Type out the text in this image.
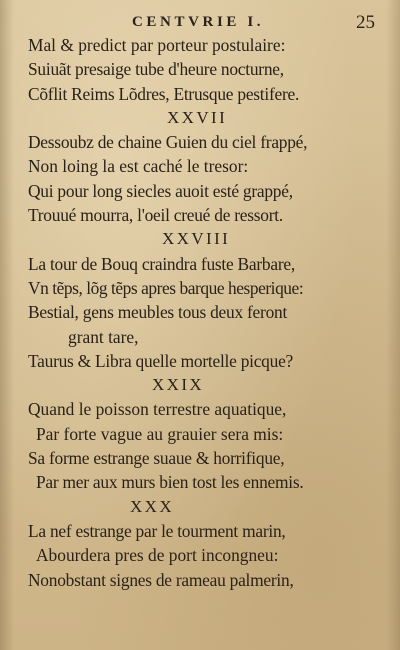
CENTVRIE I.	25
Mal & predict par porteur postulaire:
Suiuãt presaige tube d'heure nocturne,
Cõflit Reims Lõdres, Etrusque pestifere.
XXVII
Dessoubz de chaine Guien du ciel frappé,
Non loing la est caché le tresor:
Qui pour long siecles auoit esté grappé,
Trouué mourra, l'oeil creué de ressort.
XXVIII
La tour de Bouq craindra fuste Barbare,
Vn tẽps, lõg tẽps apres barque hesperique:
Bestial, gens meubles tous deux feront
grant tare,
Taurus & Libra quelle mortelle picque?
XXIX
Quand le poisson terrestre aquatique,
Par forte vague au grauier sera mis:
Sa forme estrange suaue & horrifique,
Par mer aux murs bien tost les ennemis.
XXX
La nef estrange par le tourment marin,
Abourdera pres de port incongneu:
Nonobstant signes de rameau palmerin,
